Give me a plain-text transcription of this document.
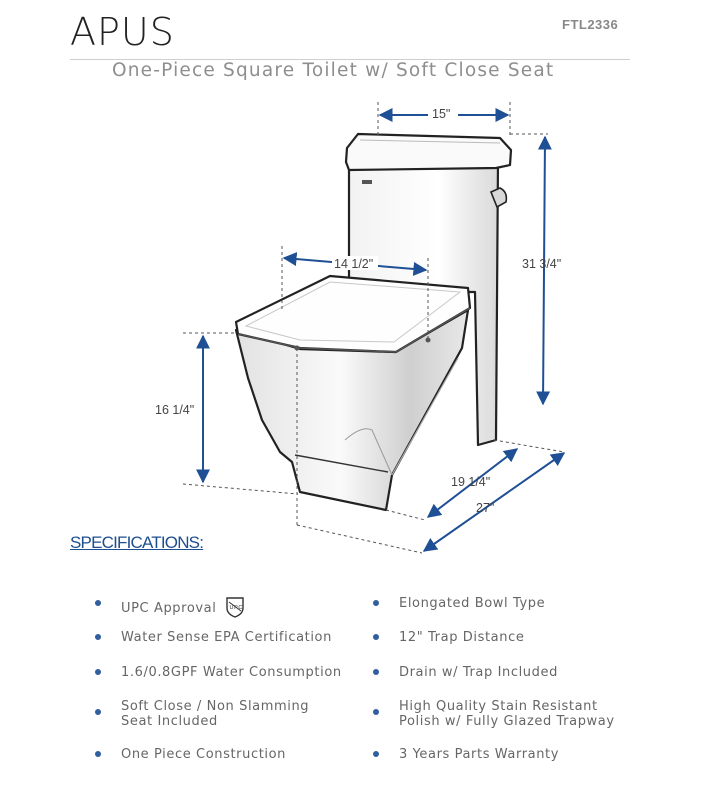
APUS	FTL2336
One-Piece Square Toilet w/ Soft Close Seat
15"
14 1/2"	31 3/4"
16 1/4"
19 1/4"
27"
SPECIFICATIONS:
UPC Approval UPC
Water Sense EPA Certification
1.6/0.8GPF Water Consumption
Soft Close / Non Slamming
Seat Included
One Piece Construction
Elongated Bowl Type
12" Trap Distance
Drain w/ Trap Included
High Quality Stain Resistant
Polish w/ Fully Glazed Trapway
3 Years Parts Warranty
